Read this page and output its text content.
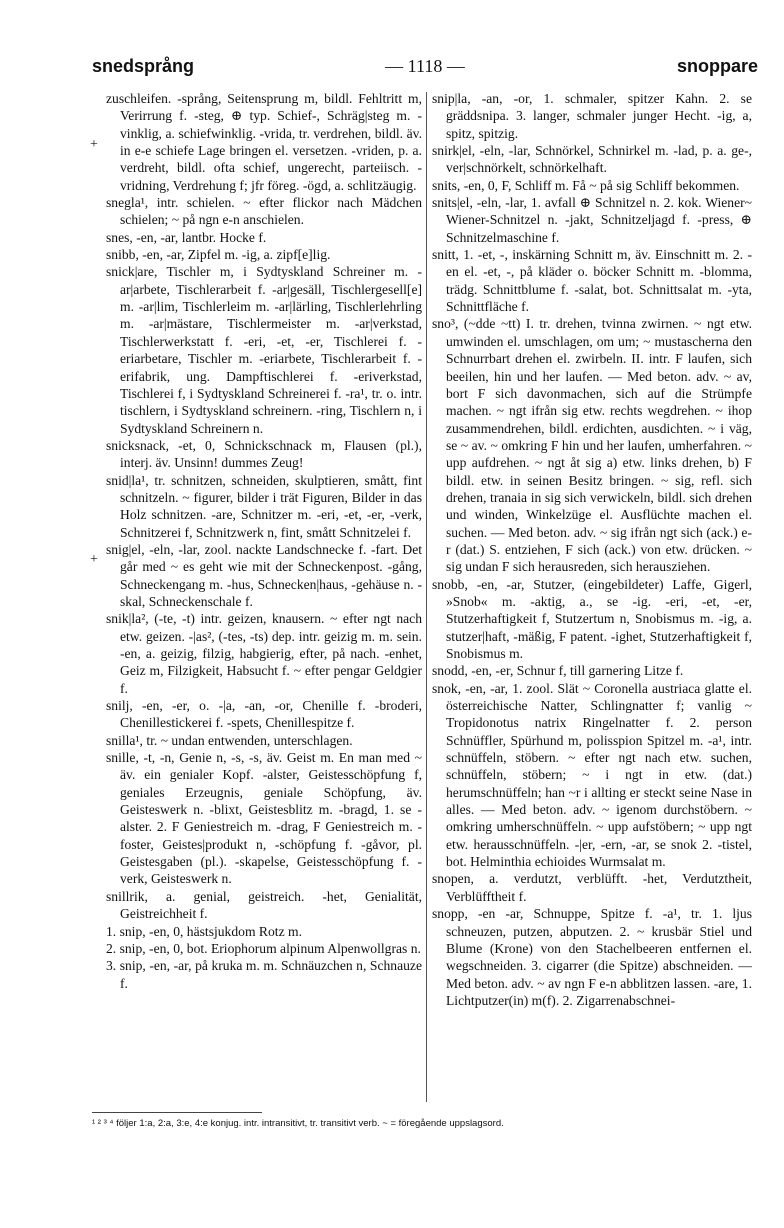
snedsprång	— 1118 —	snoppare
+
+

zuschleifen. -språng, Seitensprung m, bildl. Fehltritt m, Verirrung f. -steg, ⊕ typ. Schief-, Schräg|steg m. -vinklig, a. schiefwinklig. -vrida, tr. verdrehen, bildl. äv. in e-e schiefe Lage bringen el. versetzen. -vriden, p. a. verdreht, bildl. ofta schief, ungerecht, parteiisch. -vridning, Verdrehung f; jfr föreg. -ögd, a. schlitzäugig.

snegla¹, intr. schielen. ~ efter flickor nach Mädchen schielen; ~ på ngn e-n anschielen.

snes, -en, -ar, lantbr. Hocke f.

snibb, -en, -ar, Zipfel m. -ig, a. zipf[e]lig.

snick|are, Tischler m, i Sydtyskland Schreiner m. -ar|arbete, Tischlerarbeit f. -ar|gesäll, Tischlergesell[e] m. -ar|lim, Tischlerleim m. -ar|lärling, Tischlerlehrling m. -ar|mästare, Tischlermeister m. -ar|verkstad, Tischlerwerkstatt f. -eri, -et, -er, Tischlerei f. -eriarbetare, Tischler m. -eriarbete, Tischlerarbeit f. -erifabrik, ung. Dampftischlerei f. -eriverkstad, Tischlerei f, i Sydtyskland Schreinerei f. -ra¹, tr. o. intr. tischlern, i Sydtyskland schreinern. -ring, Tischlern n, i Sydtyskland Schreinern n.

snicksnack, -et, 0, Schnickschnack m, Flausen (pl.), interj. äv. Unsinn! dummes Zeug!

snid|la¹, tr. schnitzen, schneiden, skulptieren, smått, fint schnitzeln. ~ figurer, bilder i trät Figuren, Bilder in das Holz schnitzen. -are, Schnitzer m. -eri, -et, -er, -verk, Schnitzerei f, Schnitzwerk n, fint, smått Schnitzelei f.

snig|el, -eln, -lar, zool. nackte Landschnecke f. -fart. Det går med ~ es geht wie mit der Schneckenpost. -gång, Schneckengang m. -hus, Schnecken|haus, -gehäuse n. -skal, Schneckenschale f.

snik|la², (-te, -t) intr. geizen, knausern. ~ efter ngt nach etw. geizen. -|as², (-tes, -ts) dep. intr. geizig m. m. sein. -en, a. geizig, filzig, habgierig, efter, på nach. -enhet, Geiz m, Filzigkeit, Habsucht f. ~ efter pengar Geldgier f.

snilj, -en, -er, o. -|a, -an, -or, Chenille f. -broderi, Chenillestickerei f. -spets, Chenillespitze f.

snilla¹, tr. ~ undan entwenden, unterschlagen.

snille, -t, -n, Genie n, -s, -s, äv. Geist m. En man med ~ äv. ein genialer Kopf. -alster, Geistesschöpfung f, geniales Erzeugnis, geniale Schöpfung, äv. Geisteswerk n. -blixt, Geistesblitz m. -bragd, 1. se -alster. 2. F Geniestreich m. -drag, F Geniestreich m. -foster, Geistes|produkt n, -schöpfung f. -gåvor, pl. Geistesgaben (pl.). -skapelse, Geistesschöpfung f. -verk, Geisteswerk n.

snillrik, a. genial, geistreich. -het, Genialität, Geistreichheit f.

1. snip, -en, 0, hästsjukdom Rotz m.

2. snip, -en, 0, bot. Eriophorum alpinum Alpenwollgras n.

3. snip, -en, -ar, på kruka m. m. Schnäuzchen n, Schnauze f.

snip|la, -an, -or, 1. schmaler, spitzer Kahn. 2. se gräddsnipa. 3. langer, schmaler junger Hecht. -ig, a, spitz, spitzig.

snirk|el, -eln, -lar, Schnörkel, Schnirkel m. -lad, p. a. ge-, ver|schnörkelt, schnörkelhaft.

snits, -en, 0, F, Schliff m. Få ~ på sig Schliff bekommen.

snits|el, -eln, -lar, 1. avfall ⊕ Schnitzel n. 2. kok. Wiener~ Wiener-Schnitzel n. -jakt, Schnitzeljagd f. -press, ⊕ Schnitzelmaschine f.

snitt, 1. -et, -, inskärning Schnitt m, äv. Einschnitt m. 2. -en el. -et, -, på kläder o. böcker Schnitt m. -blomma, trädg. Schnittblume f. -salat, bot. Schnittsalat m. -yta, Schnittfläche f.

sno³, (~dde ~tt) I. tr. drehen, tvinna zwirnen. ~ ngt etw. umwinden el. umschlagen, om um; ~ mustascherna den Schnurrbart drehen el. zwirbeln. II. intr. F laufen, sich beeilen, hin und her laufen. — Med beton. adv. ~ av, bort F sich davonmachen, sich auf die Strümpfe machen. ~ ngt ifrån sig etw. rechts wegdrehen. ~ ihop zusammendrehen, bildl. erdichten, ausdichten. ~ i väg, se ~ av. ~ omkring F hin und her laufen, umherfahren. ~ upp aufdrehen. ~ ngt åt sig a) etw. links drehen, b) F bildl. etw. in seinen Besitz bringen. ~ sig, refl. sich drehen, tranaia in sig sich verwickeln, bildl. sich drehen und winden, Winkelzüge el. Ausflüchte machen el. suchen. — Med beton. adv. ~ sig ifrån ngt sich (ack.) e-r (dat.) S. entziehen, F sich (ack.) von etw. drücken. ~ sig undan F sich herausreden, sich herausziehen.

snobb, -en, -ar, Stutzer, (eingebildeter) Laffe, Gigerl, »Snob« m. -aktig, a., se -ig. -eri, -et, -er, Stutzerhaftigkeit f, Stutzertum n, Snobismus m. -ig, a. stutzer|haft, -mäßig, F patent. -ighet, Stutzerhaftigkeit f, Snobismus m.

snodd, -en, -er, Schnur f, till garnering Litze f.

snok, -en, -ar, 1. zool. Slät ~ Coronella austriaca glatte el. österreichische Natter, Schlingnatter f; vanlig ~ Tropidonotus natrix Ringelnatter f. 2. person Schnüffler, Spürhund m, polisspion Spitzel m. -a¹, intr. schnüffeln, stöbern. ~ efter ngt nach etw. suchen, schnüffeln, stöbern; ~ i ngt in etw. (dat.) herumschnüffeln; han ~r i allting er steckt seine Nase in alles. — Med beton. adv. ~ igenom durchstöbern. ~ omkring umherschnüffeln. ~ upp aufstöbern; ~ upp ngt etw. herausschnüffeln. -|er, -ern, -ar, se snok 2. -tistel, bot. Helminthia echioides Wurmsalat m.

snopen, a. verdutzt, verblüfft. -het, Verdutztheit, Verblüfftheit f.

snopp, -en -ar, Schnuppe, Spitze f. -a¹, tr. 1. ljus schneuzen, putzen, abputzen. 2. ~ krusbär Stiel und Blume (Krone) von den Stachelbeeren entfernen el. wegschneiden. 3. cigarrer (die Spitze) abschneiden. — Med beton. adv. ~ av ngn F e-n abblitzen lassen. -are, 1. Lichtputzer(in) m(f). 2. Zigarrenabschnei-

¹ ² ³ ⁴ följer 1:a, 2:a, 3:e, 4:e konjug. intr. intransitivt, tr. transitivt verb. ~ = föregående uppslagsord.
